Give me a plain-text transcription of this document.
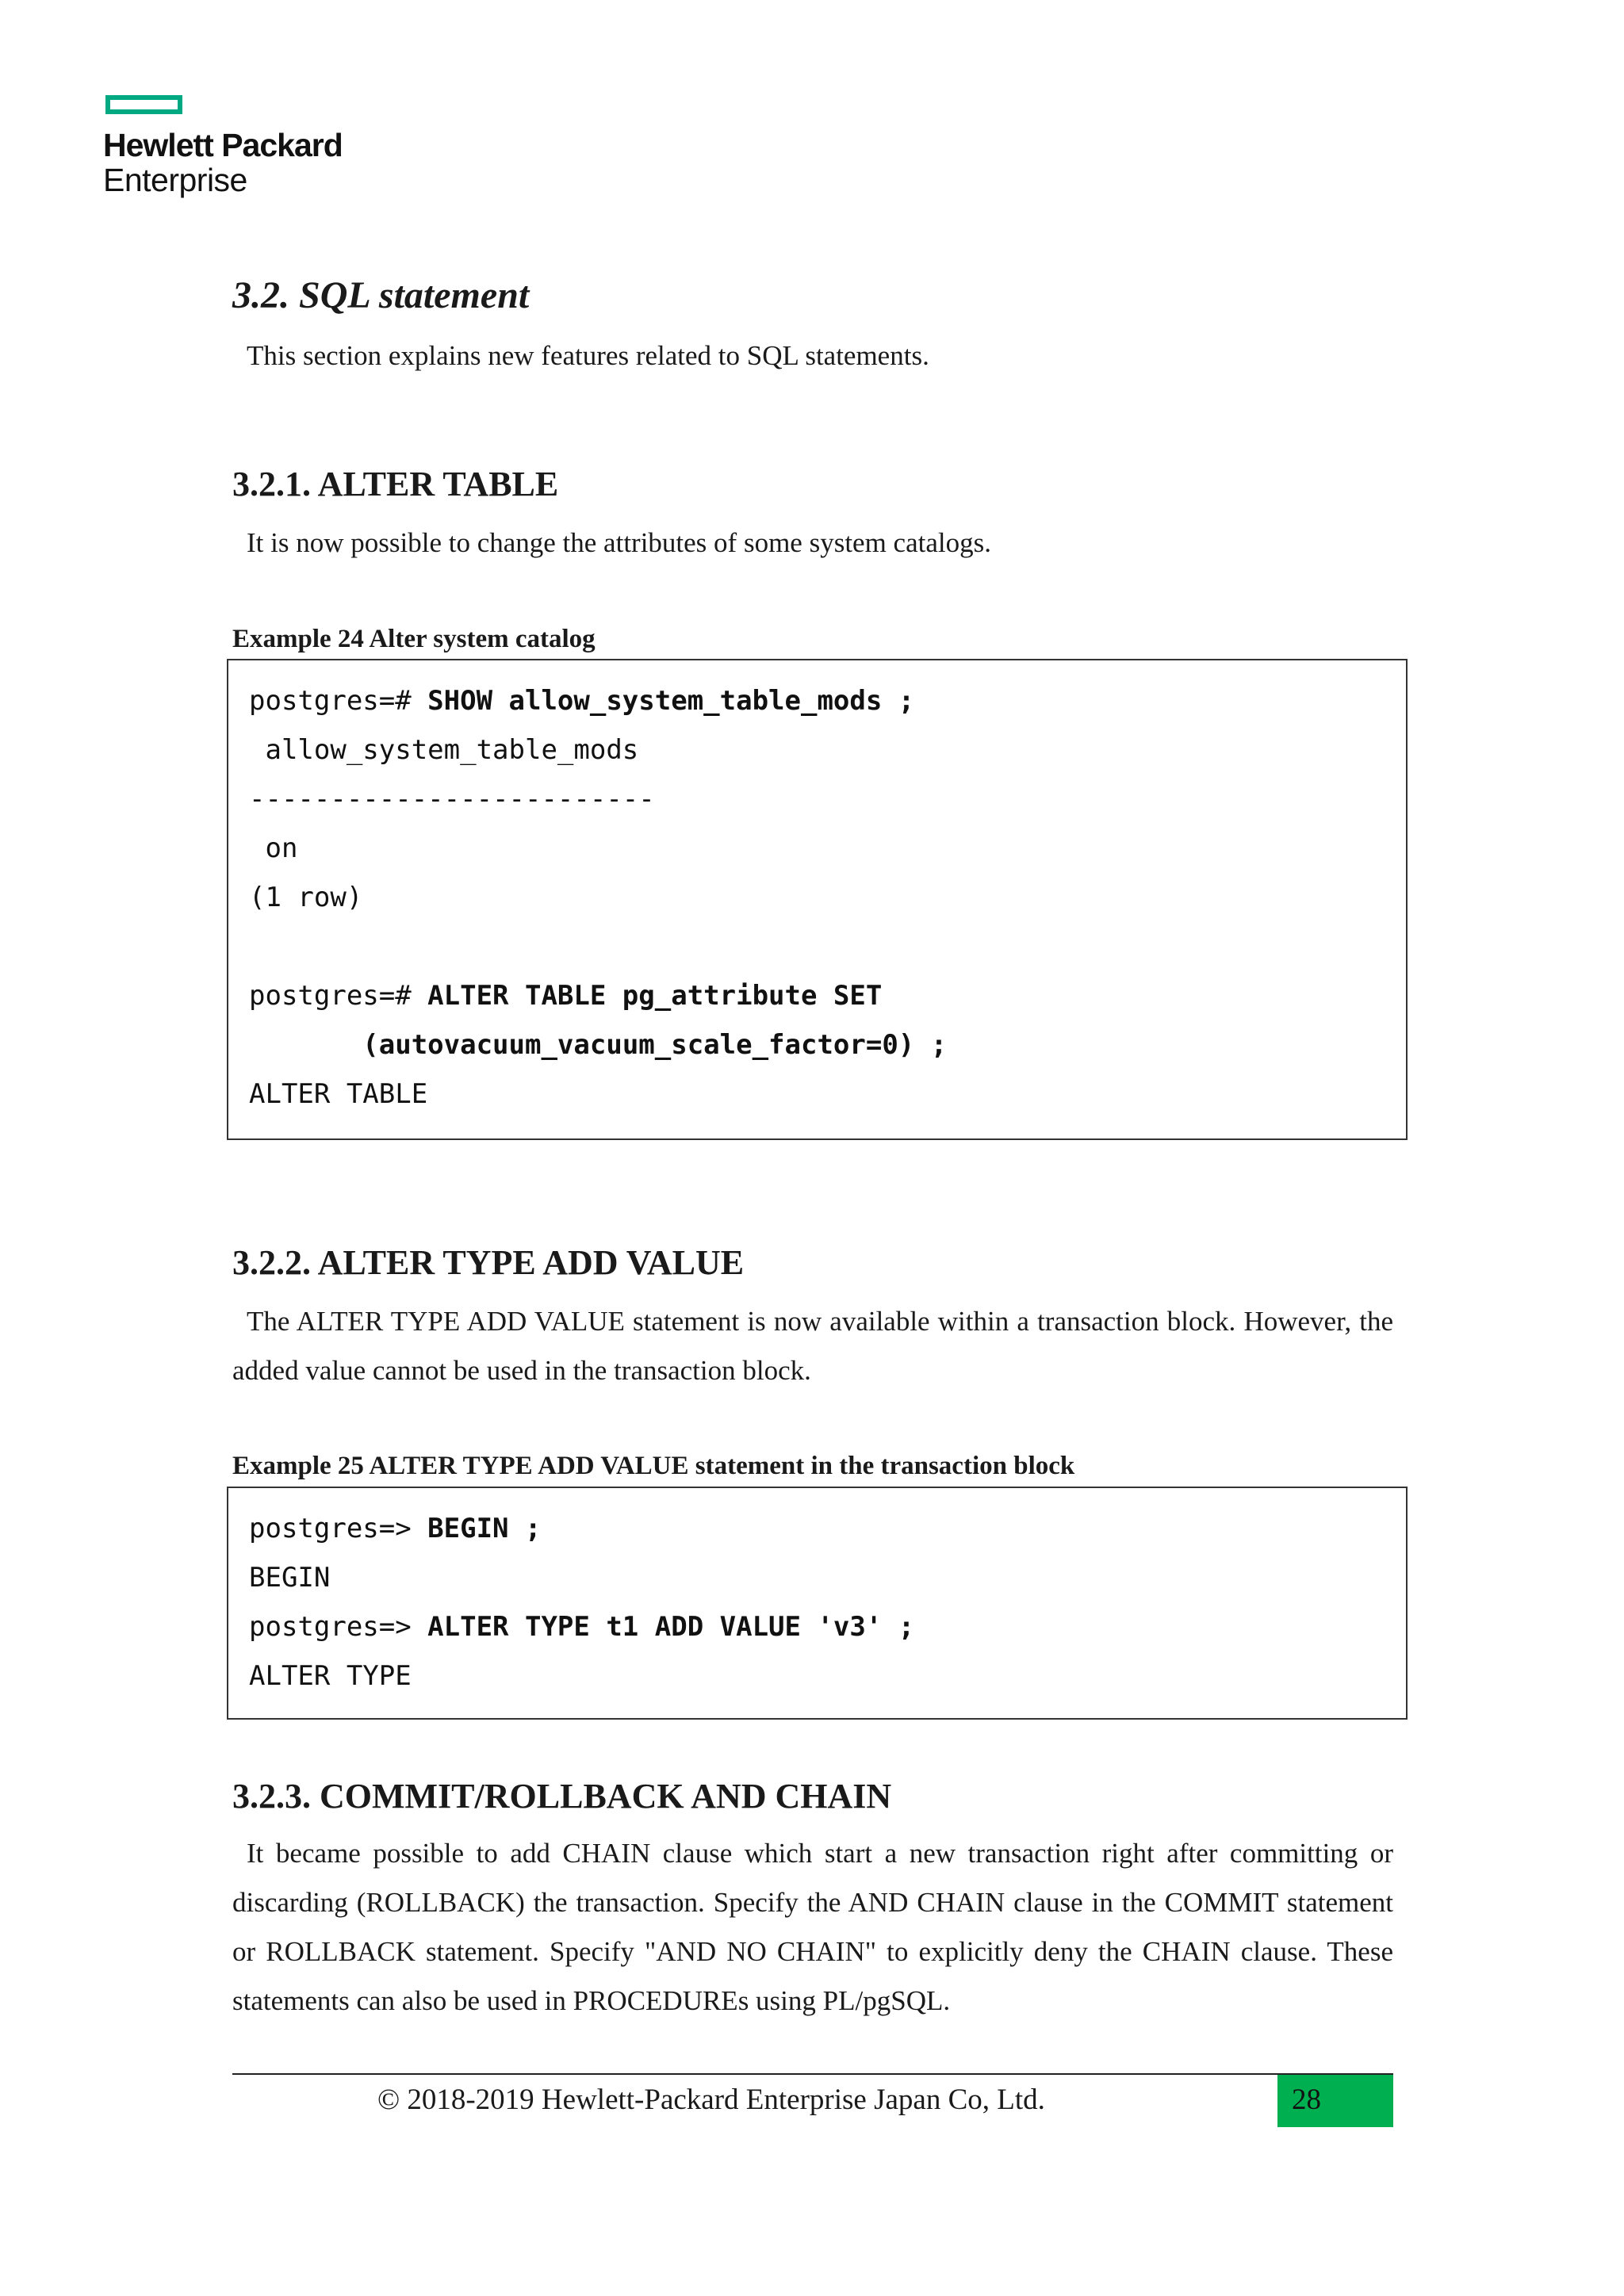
Hewlett Packard
Enterprise
3.2. SQL statement
This section explains new features related to SQL statements.
3.2.1. ALTER TABLE
It is now possible to change the attributes of some system catalogs.
Example 24 Alter system catalog
postgres=# SHOW allow_system_table_mods ;
allow_system_table_mods
-------------------------
on
(1 row)
postgres=# ALTER TABLE pg_attribute SET
(autovacuum_vacuum_scale_factor=0) ;
ALTER TABLE
3.2.2. ALTER TYPE ADD VALUE
The ALTER TYPE ADD VALUE statement is now available within a transaction block. However, the added value cannot be used in the transaction block.
Example 25 ALTER TYPE ADD VALUE statement in the transaction block
postgres=> BEGIN ;
BEGIN
postgres=> ALTER TYPE t1 ADD VALUE 'v3' ;
ALTER TYPE
3.2.3. COMMIT/ROLLBACK AND CHAIN
It became possible to add CHAIN clause which start a new transaction right after committing or discarding (ROLLBACK) the transaction. Specify the AND CHAIN clause in the COMMIT statement or ROLLBACK statement. Specify "AND NO CHAIN" to explicitly deny the CHAIN clause. These statements can also be used in PROCEDUREs using PL/pgSQL.
© 2018-2019 Hewlett-Packard Enterprise Japan Co, Ltd.	28
